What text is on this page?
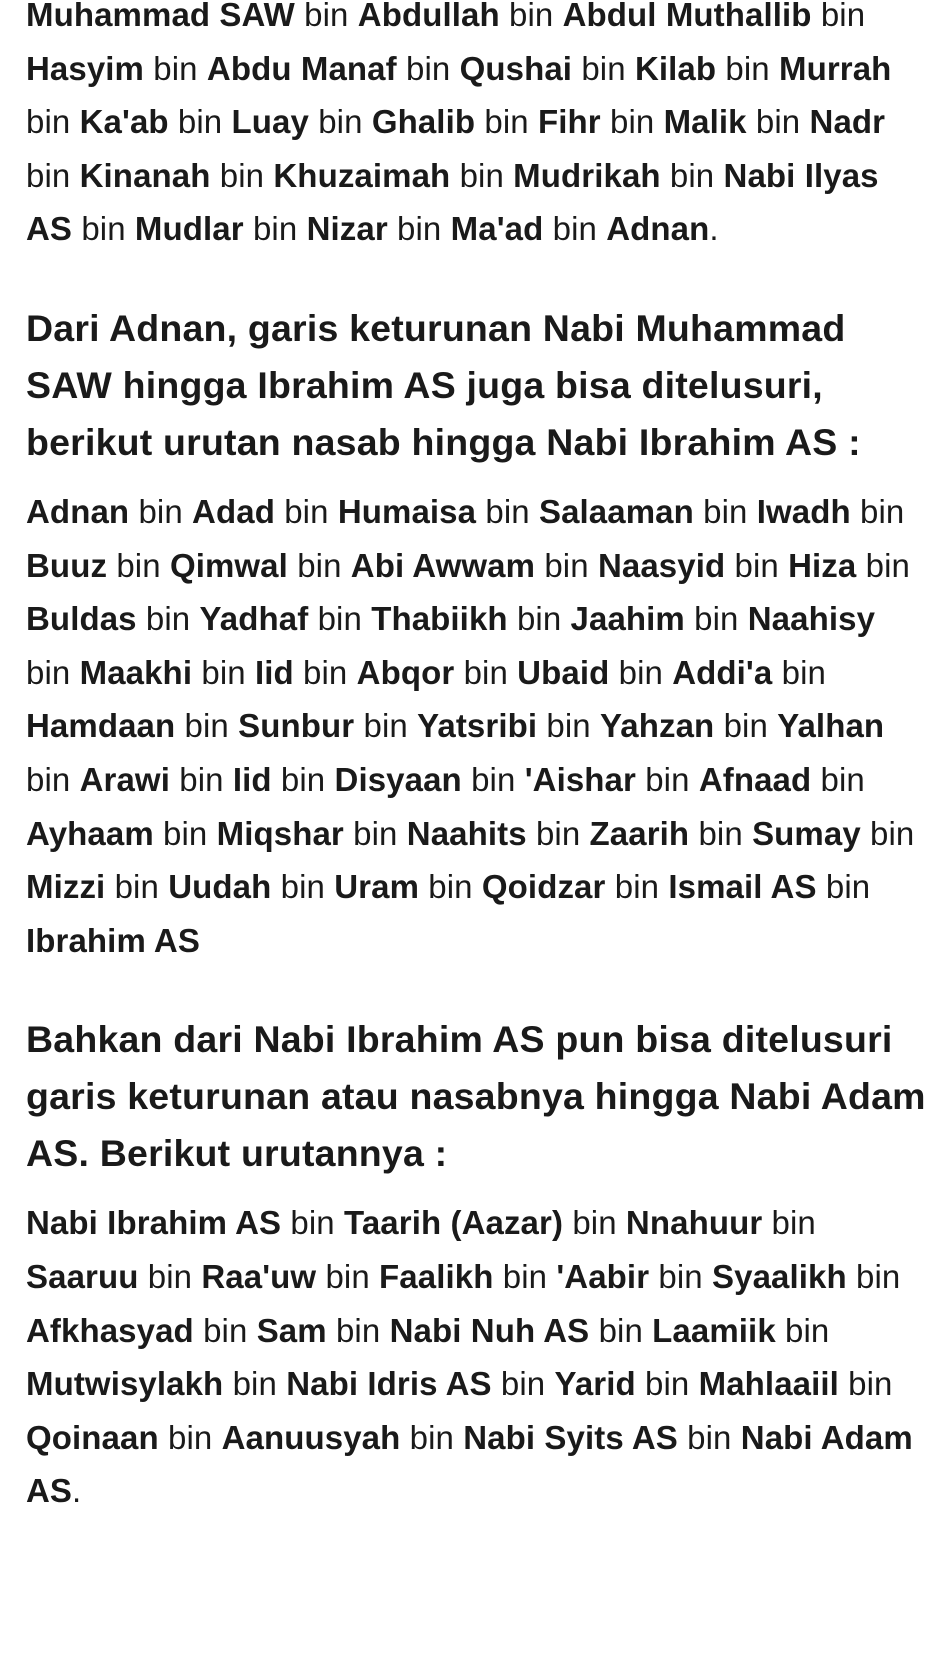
Muhammad SAW bin Abdullah bin Abdul Muthallib bin Hasyim bin Abdu Manaf bin Qushai bin Kilab bin Murrah bin Ka'ab bin Luay bin Ghalib bin Fihr bin Malik bin Nadr bin Kinanah bin Khuzaimah bin Mudrikah bin Nabi Ilyas AS bin Mudlar bin Nizar bin Ma'ad bin Adnan.

Dari Adnan, garis keturunan Nabi Muhammad SAW hingga Ibrahim AS juga bisa ditelusuri, berikut urutan nasab hingga Nabi Ibrahim AS :

Adnan bin Adad bin Humaisa bin Salaaman bin Iwadh bin Buuz bin Qimwal bin Abi Awwam bin Naasyid bin Hiza bin Buldas bin Yadhaf bin Thabiikh bin Jaahim bin Naahisy bin Maakhi bin Iid bin Abqor bin Ubaid bin Addi'a bin Hamdaan bin Sunbur bin Yatsribi bin Yahzan bin Yalhan bin Arawi bin Iid bin Disyaan bin 'Aishar bin Afnaad bin Ayhaam bin Miqshar bin Naahits bin Zaarih bin Sumay bin Mizzi bin Uudah bin Uram bin Qoidzar bin Ismail AS bin Ibrahim AS

Bahkan dari Nabi Ibrahim AS pun bisa ditelusuri garis keturunan atau nasabnya hingga Nabi Adam AS. Berikut urutannya :

Nabi Ibrahim AS bin Taarih (Aazar) bin Nnahuur bin Saaruu bin Raa'uw bin Faalikh bin 'Aabir bin Syaalikh bin Afkhasyad bin Sam bin Nabi Nuh AS bin Laamiik bin Mutwisylakh bin Nabi Idris AS bin Yarid bin Mahlaaiil bin Qoinaan bin Aanuusyah bin Nabi Syits AS bin Nabi Adam AS.
